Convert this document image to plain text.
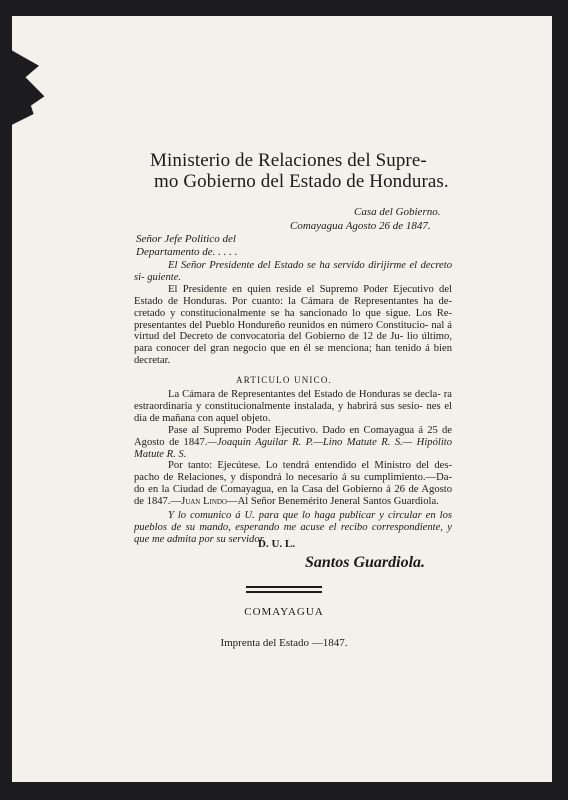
Ministerio de Relaciones del Supre-
mo Gobierno del Estado de Honduras.
Casa del Gobierno.
Comayagua Agosto 26 de 1847.
Señor Jefe Politico del
Departamento de. . . . .

El Señor Presidente del Estado se ha servido dirijirme el decreto si- guiente.

El Presidente en quien reside el Supremo Poder Ejecutivo del Estado de Honduras. Por cuanto: la Cámara de Representantes ha de- cretado y constitucionalmente se ha sancionado lo que sigue. Los Re- presentantes del Pueblo Hondureño reunidos en número Constitucio- nal á virtud del Decreto de convocatoria del Gobierno de 12 de Ju- lio último, para conocer del gran negocio que en él se menciona; han tenido á bien decretar.

ARTICULO UNICO.

La Cámara de Representantes del Estado de Honduras se decla- ra estraordinaria y constitucionalmente instalada, y habrirá sus sesio- nes el dia de mañana con aquel objeto.

Pase al Supremo Poder Ejecutivo. Dado en Comayagua á 25 de Agosto de 1847.—Joaquin Aguilar R. P.—Lino Matute R. S.— Hipólito Matute R. S.

Por tanto: Ejecútese. Lo tendrá entendido el Ministro del des- pacho de Relaciones, y dispondrá lo necesario á su cumplimiento.—Da- do en la Ciudad de Comayagua, en la Casa del Gobierno á 26 de Agosto de 1847.—Juan Lindo—Al Señor Benemérito Jeneral Santos Guardiola.

Y lo comunico á U. para que lo haga publicar y circular en los pueblos de su mando, esperando me acuse el recibo correspondiente, y que me admita por su servidor.

D. U. L.
Santos Guardiola.
COMAYAGUA
Imprenta del Estado —1847.
